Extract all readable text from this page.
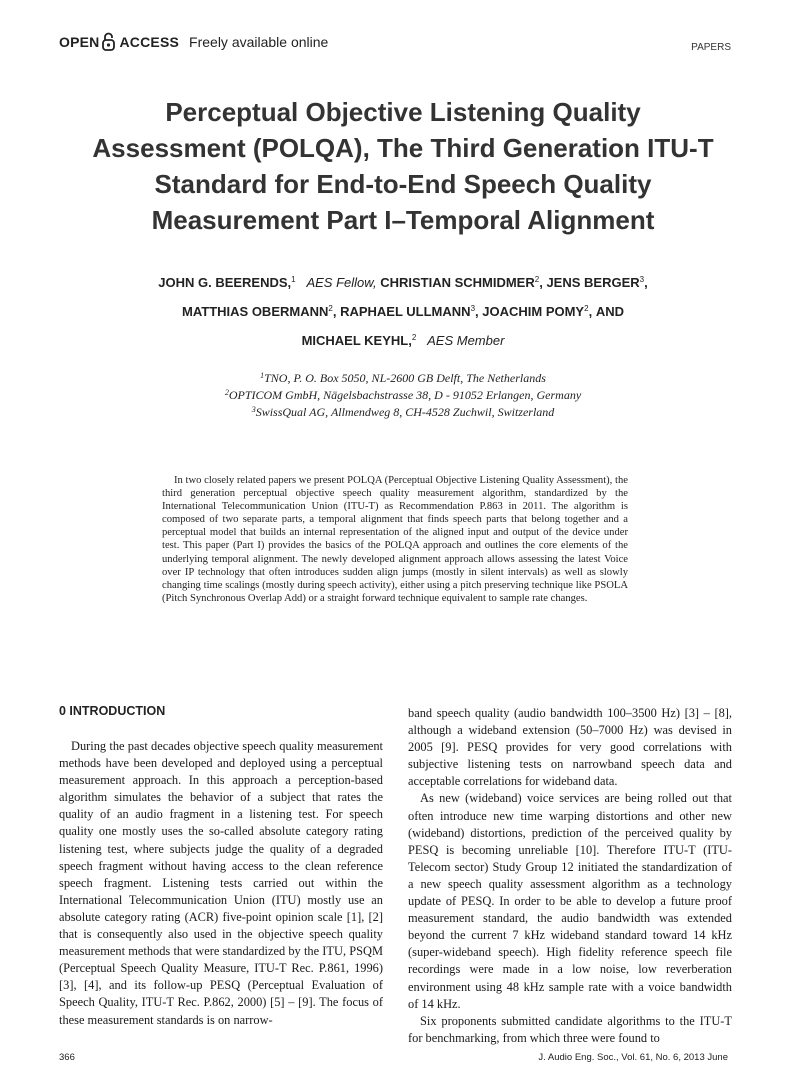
OPEN ACCESS Freely available online	PAPERS
Perceptual Objective Listening Quality
Assessment (POLQA), The Third Generation ITU-T
Standard for End-to-End Speech Quality
Measurement Part I–Temporal Alignment
JOHN G. BEERENDS,$^1$ AES Fellow, CHRISTIAN SCHMIDMER$^2$, JENS BERGER$^3$,
MATTHIAS OBERMANN$^2$, RAPHAEL ULLMANN$^3$, JOACHIM POMY$^2$, AND
MICHAEL KEYHL,$^2$ AES Member
$^1$TNO, P. O. Box 5050, NL-2600 GB Delft, The Netherlands
$^2$OPTICOM GmbH, Nägelsbachstrasse 38, D - 91052 Erlangen, Germany
$^3$SwissQual AG, Allmendweg 8, CH-4528 Zuchwil, Switzerland
In two closely related papers we present POLQA (Perceptual Objective Listening Quality Assessment), the third generation perceptual objective speech quality measurement algorithm, standardized by the International Telecommunication Union (ITU-T) as Recommendation P.863 in 2011. The algorithm is composed of two separate parts, a temporal alignment that finds speech parts that belong together and a perceptual model that builds an internal representation of the aligned input and output of the device under test. This paper (Part I) provides the basics of the POLQA approach and outlines the core elements of the underlying temporal alignment. The newly developed alignment approach allows assessing the latest Voice over IP technology that often introduces sudden align jumps (mostly in silent intervals) as well as slowly changing time scalings (mostly during speech activity), either using a pitch preserving technique like PSOLA (Pitch Synchronous Overlap Add) or a straight forward technique equivalent to sample rate changes.
0 INTRODUCTION

During the past decades objective speech quality measurement methods have been developed and deployed using a perceptual measurement approach. In this approach a perception-based algorithm simulates the behavior of a subject that rates the quality of an audio fragment in a listening test. For speech quality one mostly uses the so-called absolute category rating listening test, where subjects judge the quality of a degraded speech fragment without having access to the clean reference speech fragment. Listening tests carried out within the International Telecommunication Union (ITU) mostly use an absolute category rating (ACR) five-point opinion scale [1], [2] that is consequently also used in the objective speech quality measurement methods that were standardized by the ITU, PSQM (Perceptual Speech Quality Measure, ITU-T Rec. P.861, 1996) [3], [4], and its follow-up PESQ (Perceptual Evaluation of Speech Quality, ITU-T Rec. P.862, 2000) [5] – [9]. The focus of these measurement standards is on narrow-

band speech quality (audio bandwidth 100–3500 Hz) [3] – [8], although a wideband extension (50–7000 Hz) was devised in 2005 [9]. PESQ provides for very good correlations with subjective listening tests on narrowband speech data and acceptable correlations for wideband data.

As new (wideband) voice services are being rolled out that often introduce new time warping distortions and other new (wideband) distortions, prediction of the perceived quality by PESQ is becoming unreliable [10]. Therefore ITU-T (ITU-Telecom sector) Study Group 12 initiated the standardization of a new speech quality assessment algorithm as a technology update of PESQ. In order to be able to develop a future proof measurement standard, the audio bandwidth was extended beyond the current 7 kHz wideband standard toward 14 kHz (super-wideband speech). High fidelity reference speech file recordings were made in a low noise, low reverberation environment using 48 kHz sample rate with a voice bandwidth of 14 kHz.

Six proponents submitted candidate algorithms to the ITU-T for benchmarking, from which three were found to

366	J. Audio Eng. Soc., Vol. 61, No. 6, 2013 June
